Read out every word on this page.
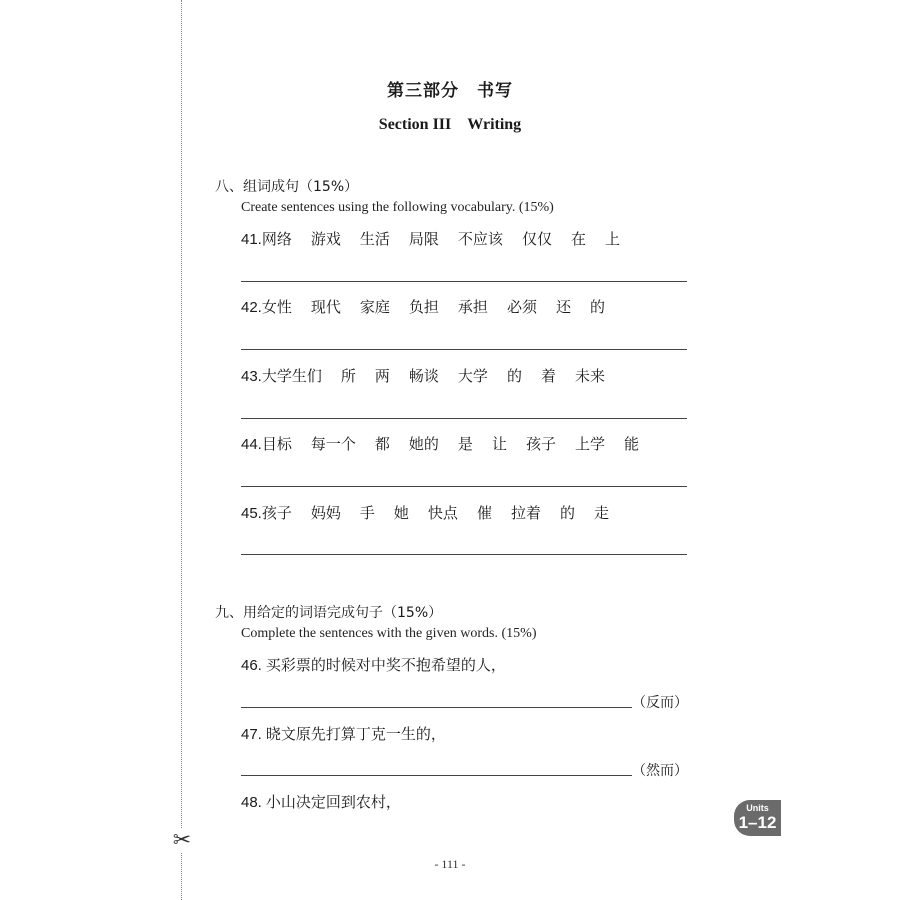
✂
第三部分　书写
Section III　Writing
八、组词成句（15%）
Create sentences using the following vocabulary. (15%)
41.网络 游戏 生活 局限 不应该 仅仅 在 上
42.女性 现代 家庭 负担 承担 必须 还 的
43.大学生们 所 两 畅谈 大学 的 着 未来
44.目标 每一个 都 她的 是 让 孩子 上学 能
45.孩子 妈妈 手 她 快点 催 拉着 的 走
九、用给定的词语完成句子（15%）
Complete the sentences with the given words. (15%)
46. 买彩票的时候对中奖不抱希望的人，
（反而）
47. 晓文原先打算丁克一生的，
（然而）
48. 小山决定回到农村，	Units
1–12
- 111 -
